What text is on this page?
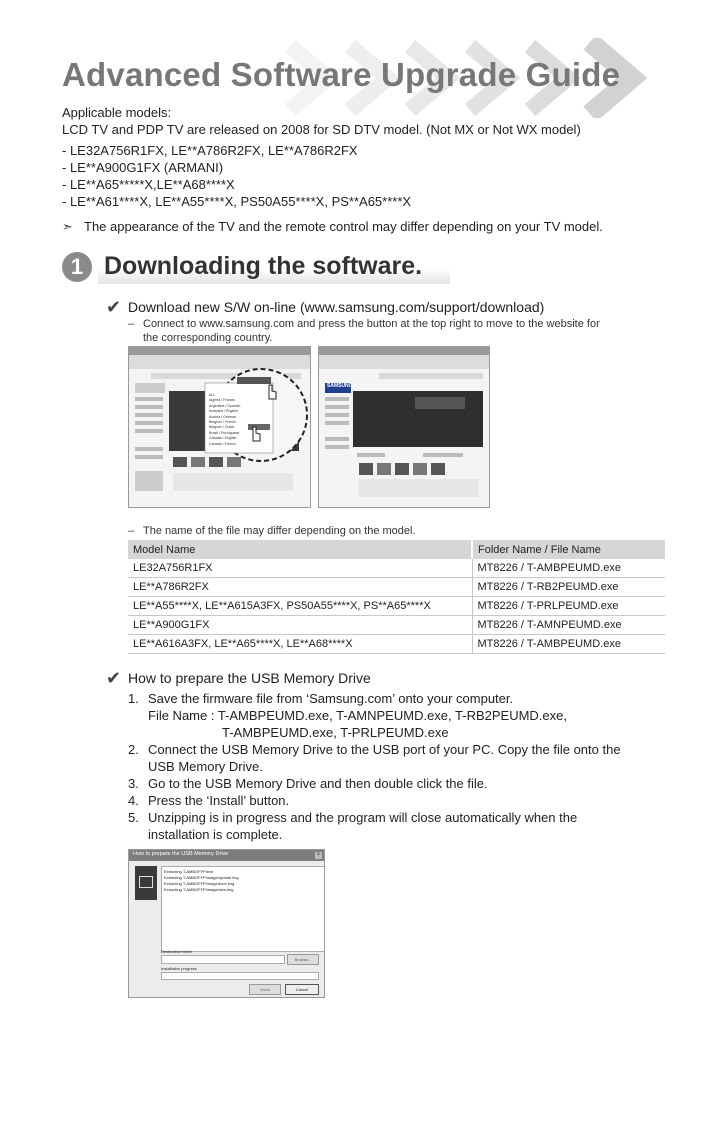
Advanced Software Upgrade Guide
Applicable models:
LCD TV and PDP TV are released on 2008 for SD DTV model. (Not MX or Not WX model)
- LE32A756R1FX, LE**A786R2FX, LE**A786R2FX
- LE**A900G1FX (ARMANI)
- LE**A65*****X,LE**A68****X
- LE**A61****X, LE**A55****X, PS50A55****X, PS**A65****X
➣ The appearance of the TV and the remote control may differ depending on your TV model.
1 Downloading the software.
✔ Download new S/W on-line (www.samsung.com/support/download)
– Connect to www.samsung.com and press the button at the top right to move to the website for
the corresponding country.
ALL
Algeria / Francis
Argentina / Spanish
Australia / English
Austria / German
Belgium / French
Belgium / Dutch
Brazil / Portuguese
Canada / English
Canada / French
SAMSUNG
– The name of the file may differ depending on the model.
Model Name	Folder Name / File Name
LE32A756R1FX	MT8226 / T-AMBPEUMD.exe
LE**A786R2FX	MT8226 / T-RB2PEUMD.exe
LE**A55****X, LE**A615A3FX, PS50A55****X, PS**A65****X	MT8226 / T-PRLPEUMD.exe
LE**A900G1FX	MT8226 / T-AMNPEUMD.exe
LE**A616A3FX, LE**A65****X, LE**A68****X	MT8226 / T-AMBPEUMD.exe
✔ How to prepare the USB Memory Drive
1. Save the firmware file from ‘Samsung.com’ onto your computer.
File Name : T-AMBPEUMD.exe, T-AMNPEUMD.exe, T-RB2PEUMD.exe,
T-AMBPEUMD.exe, T-PRLPEUMD.exe
2. Connect the USB Memory Drive to the USB port of your PC. Copy the file onto the
USB Memory Drive.
3. Go to the USB Memory Drive and then double click the file.
4. Press the ‘Install’ button.
5. Unzipping is in progress and the program will close automatically when the
installation is complete.
How to prepare the USB Memory Drive	×
Extracting T-AMBOFFP\exe
Extracting T-AMBOFFP\image\update.img
Extracting T-AMBOFFP\image\boot.img
Extracting T-AMBOFFP\image\new.img
Destination folder
Browse...
Installation progress
Install	Cancel
